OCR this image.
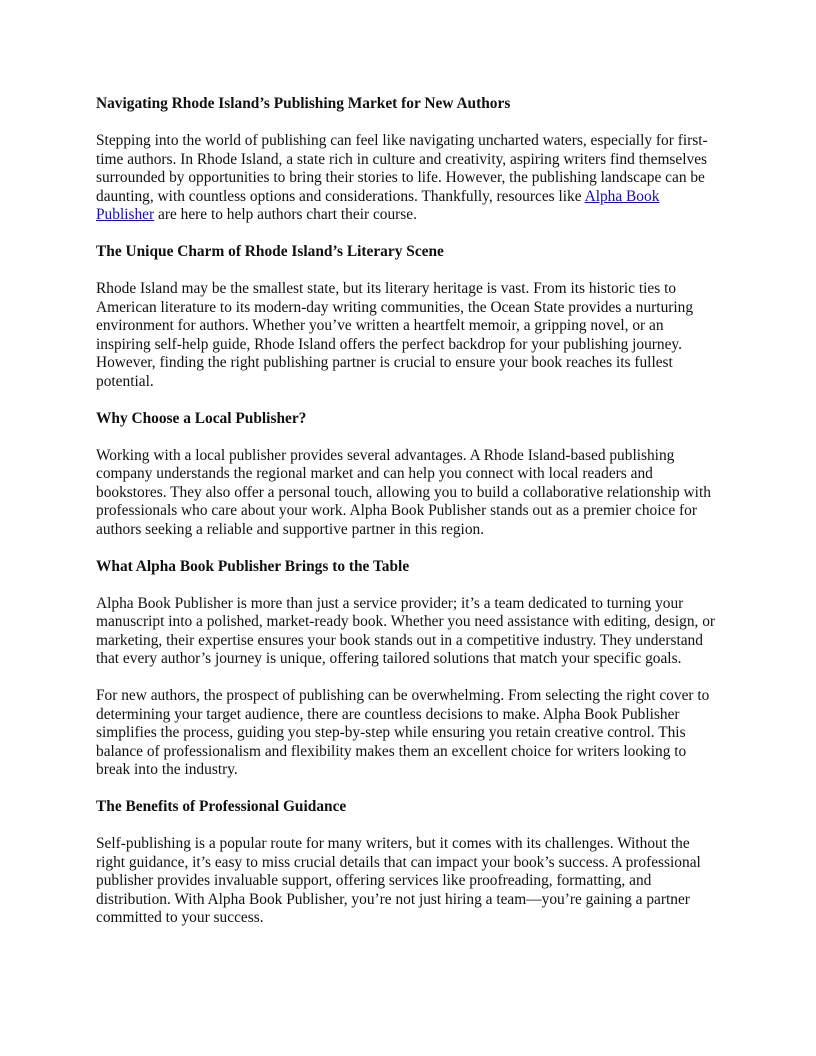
Navigating Rhode Island’s Publishing Market for New Authors

Stepping into the world of publishing can feel like navigating uncharted waters, especially for first-time authors. In Rhode Island, a state rich in culture and creativity, aspiring writers find themselves surrounded by opportunities to bring their stories to life. However, the publishing landscape can be daunting, with countless options and considerations. Thankfully, resources like Alpha Book Publisher are here to help authors chart their course.

The Unique Charm of Rhode Island’s Literary Scene

Rhode Island may be the smallest state, but its literary heritage is vast. From its historic ties to American literature to its modern-day writing communities, the Ocean State provides a nurturing environment for authors. Whether you’ve written a heartfelt memoir, a gripping novel, or an inspiring self-help guide, Rhode Island offers the perfect backdrop for your publishing journey. However, finding the right publishing partner is crucial to ensure your book reaches its fullest potential.

Why Choose a Local Publisher?

Working with a local publisher provides several advantages. A Rhode Island-based publishing company understands the regional market and can help you connect with local readers and bookstores. They also offer a personal touch, allowing you to build a collaborative relationship with professionals who care about your work. Alpha Book Publisher stands out as a premier choice for authors seeking a reliable and supportive partner in this region.

What Alpha Book Publisher Brings to the Table

Alpha Book Publisher is more than just a service provider; it’s a team dedicated to turning your manuscript into a polished, market-ready book. Whether you need assistance with editing, design, or marketing, their expertise ensures your book stands out in a competitive industry. They understand that every author’s journey is unique, offering tailored solutions that match your specific goals.

For new authors, the prospect of publishing can be overwhelming. From selecting the right cover to determining your target audience, there are countless decisions to make. Alpha Book Publisher simplifies the process, guiding you step-by-step while ensuring you retain creative control. This balance of professionalism and flexibility makes them an excellent choice for writers looking to break into the industry.

The Benefits of Professional Guidance

Self-publishing is a popular route for many writers, but it comes with its challenges. Without the right guidance, it’s easy to miss crucial details that can impact your book’s success. A professional publisher provides invaluable support, offering services like proofreading, formatting, and distribution. With Alpha Book Publisher, you’re not just hiring a team—you’re gaining a partner committed to your success.
